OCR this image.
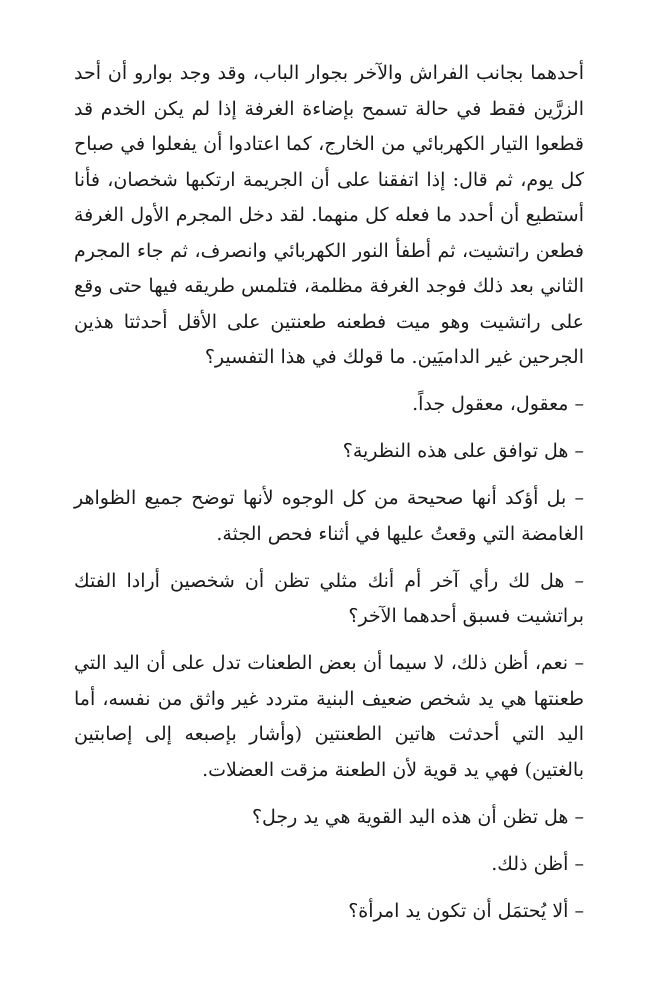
أحدهما بجانب الفراش والآخر بجوار الباب، وقد وجد بوارو أن أحد الزرَّين فقط في حالة تسمح بإضاءة الغرفة إذا لم يكن الخدم قد قطعوا التيار الكهربائي من الخارج، كما اعتادوا أن يفعلوا في صباح كل يوم، ثم قال: إذا اتفقنا على أن الجريمة ارتكبها شخصان، فأنا أستطيع أن أحدد ما فعله كل منهما. لقد دخل المجرم الأول الغرفة فطعن راتشيت، ثم أطفأ النور الكهربائي وانصرف، ثم جاء المجرم الثاني بعد ذلك فوجد الغرفة مظلمة، فتلمس طريقه فيها حتى وقع على راتشيت وهو ميت فطعنه طعنتين على الأقل أحدثتا هذين الجرحين غير الداميَين. ما قولك في هذا التفسير؟

– معقول، معقول جداً.

– هل توافق على هذه النظرية؟

– بل أؤكد أنها صحيحة من كل الوجوه لأنها توضح جميع الظواهر الغامضة التي وقعتُ عليها في أثناء فحص الجثة.

– هل لك رأي آخر أم أنك مثلي تظن أن شخصين أرادا الفتك براتشيت فسبق أحدهما الآخر؟

– نعم، أظن ذلك، لا سيما أن بعض الطعنات تدل على أن اليد التي طعنتها هي يد شخص ضعيف البنية متردد غير واثق من نفسه، أما اليد التي أحدثت هاتين الطعنتين (وأشار بإصبعه إلى إصابتين بالغتين) فهي يد قوية لأن الطعنة مزقت العضلات.

– هل تظن أن هذه اليد القوية هي يد رجل؟

– أظن ذلك.

– ألا يُحتمَل أن تكون يد امرأة؟
